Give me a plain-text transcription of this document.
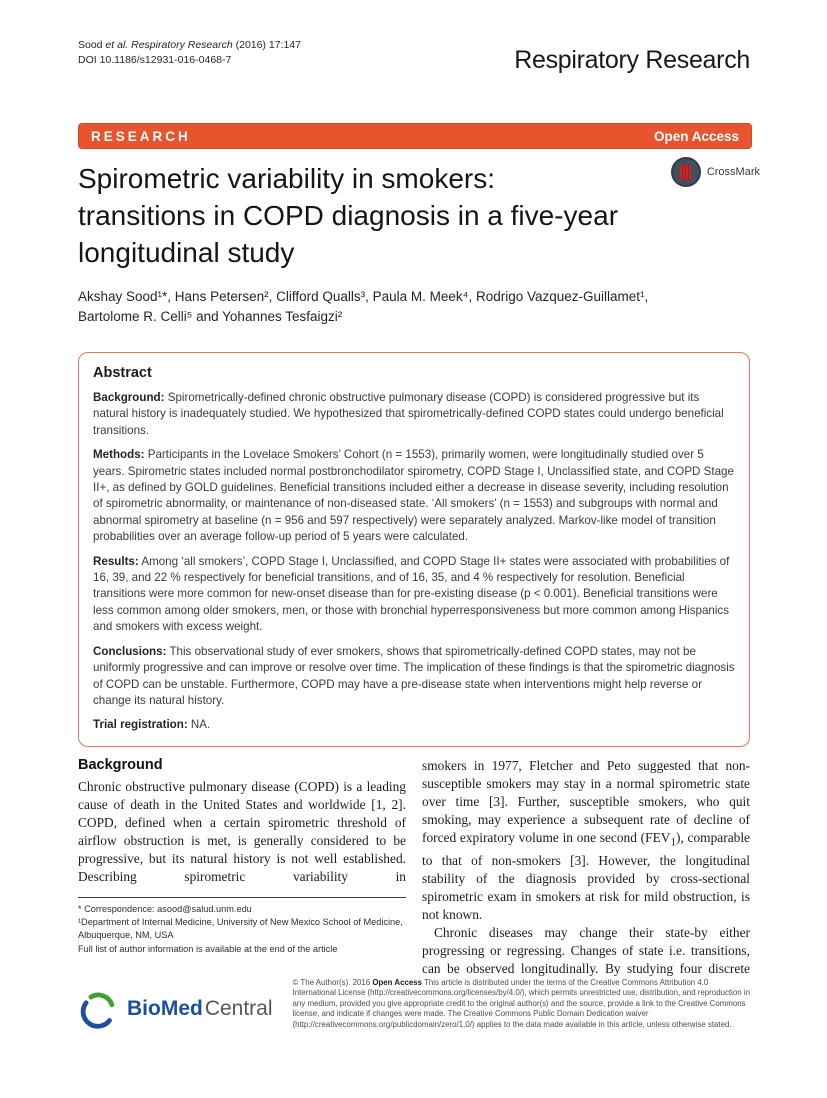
Sood et al. Respiratory Research (2016) 17:147
DOI 10.1186/s12931-016-0468-7	Respiratory Research
RESEARCH	Open Access
CrossMark
Spirometric variability in smokers:
transitions in COPD diagnosis in a five-year
longitudinal study
Akshay Sood¹*, Hans Petersen², Clifford Qualls³, Paula M. Meek⁴, Rodrigo Vazquez-Guillamet¹,
Bartolome R. Celli⁵ and Yohannes Tesfaigzi²
Abstract

Background: Spirometrically-defined chronic obstructive pulmonary disease (COPD) is considered progressive but its natural history is inadequately studied. We hypothesized that spirometrically-defined COPD states could undergo beneficial transitions.

Methods: Participants in the Lovelace Smokers’ Cohort (n = 1553), primarily women, were longitudinally studied over 5 years. Spirometric states included normal postbronchodilator spirometry, COPD Stage I, Unclassified state, and COPD Stage II+, as defined by GOLD guidelines. Beneficial transitions included either a decrease in disease severity, including resolution of spirometric abnormality, or maintenance of non-diseased state. ‘All smokers’ (n = 1553) and subgroups with normal and abnormal spirometry at baseline (n = 956 and 597 respectively) were separately analyzed. Markov-like model of transition probabilities over an average follow-up period of 5 years were calculated.

Results: Among ‘all smokers’, COPD Stage I, Unclassified, and COPD Stage II+ states were associated with probabilities of 16, 39, and 22 % respectively for beneficial transitions, and of 16, 35, and 4 % respectively for resolution. Beneficial transitions were more common for new-onset disease than for pre-existing disease (p < 0.001). Beneficial transitions were less common among older smokers, men, or those with bronchial hyperresponsiveness but more common among Hispanics and smokers with excess weight.

Conclusions: This observational study of ever smokers, shows that spirometrically-defined COPD states, may not be uniformly progressive and can improve or resolve over time. The implication of these findings is that the spirometric diagnosis of COPD can be unstable. Furthermore, COPD may have a pre-disease state when interventions might help reverse or change its natural history.

Trial registration: NA.

Background

Chronic obstructive pulmonary disease (COPD) is a leading cause of death in the United States and worldwide [1, 2]. COPD, defined when a certain spirometric threshold of airflow obstruction is met, is generally considered to be progressive, but its natural history is not well established. Describing spirometric variability in

* Correspondence: asood@salud.unm.edu
¹Department of Internal Medicine, University of New Mexico School of Medicine, Albuquerque, NM, USA
Full list of author information is available at the end of the article

smokers in 1977, Fletcher and Peto suggested that non-susceptible smokers may stay in a normal spirometric state over time [3]. Further, susceptible smokers, who quit smoking, may experience a subsequent rate of decline of forced expiratory volume in one second $(FEV_1)$, comparable to that of non-smokers [3]. However, the longitudinal stability of the diagnosis provided by cross-sectional spirometric exam in smokers at risk for mild obstruction, is not known.

Chronic diseases may change their state-by either progressing or regressing. Changes of state i.e. transitions, can be observed longitudinally. By studying four discrete

BioMedCentral
© The Author(s). 2016 Open Access This article is distributed under the terms of the Creative Commons Attribution 4.0 International License (http://creativecommons.org/licenses/by/4.0/), which permits unrestricted use, distribution, and reproduction in any medium, provided you give appropriate credit to the original author(s) and the source, provide a link to the Creative Commons license, and indicate if changes were made. The Creative Commons Public Domain Dedication waiver (http://creativecommons.org/publicdomain/zero/1.0/) applies to the data made available in this article, unless otherwise stated.
